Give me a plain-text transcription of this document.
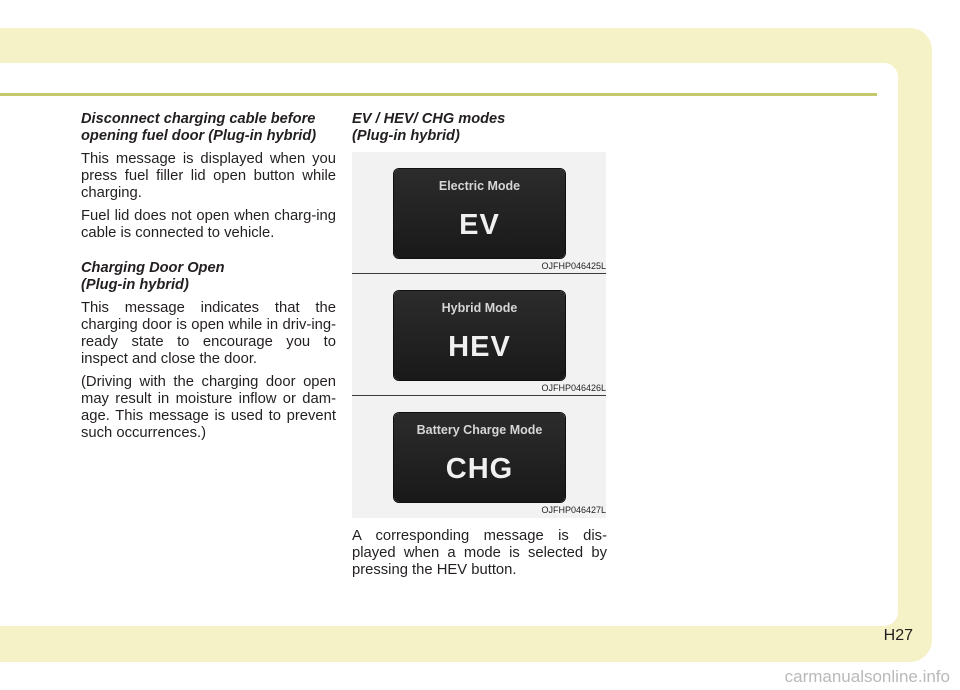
Disconnect charging cable before
opening fuel door (Plug-in hybrid)

This message is displayed when you press fuel filler lid open button while charging.

Fuel lid does not open when charg-ing cable is connected to vehicle.

Charging Door Open
(Plug-in hybrid)

This message indicates that the charging door is open while in driv-ing-ready state to encourage you to inspect and close the door.

(Driving with the charging door open may result in moisture inflow or dam-age. This message is used to prevent such occurrences.)

EV / HEV/ CHG modes
(Plug-in hybrid)
Electric Mode
EV
OJFHP046425L
Hybrid Mode
HEV
OJFHP046426L
Battery Charge Mode
CHG
OJFHP046427L

A corresponding message is dis-played when a mode is selected by pressing the HEV button.

H27
carmanualsonline.info
